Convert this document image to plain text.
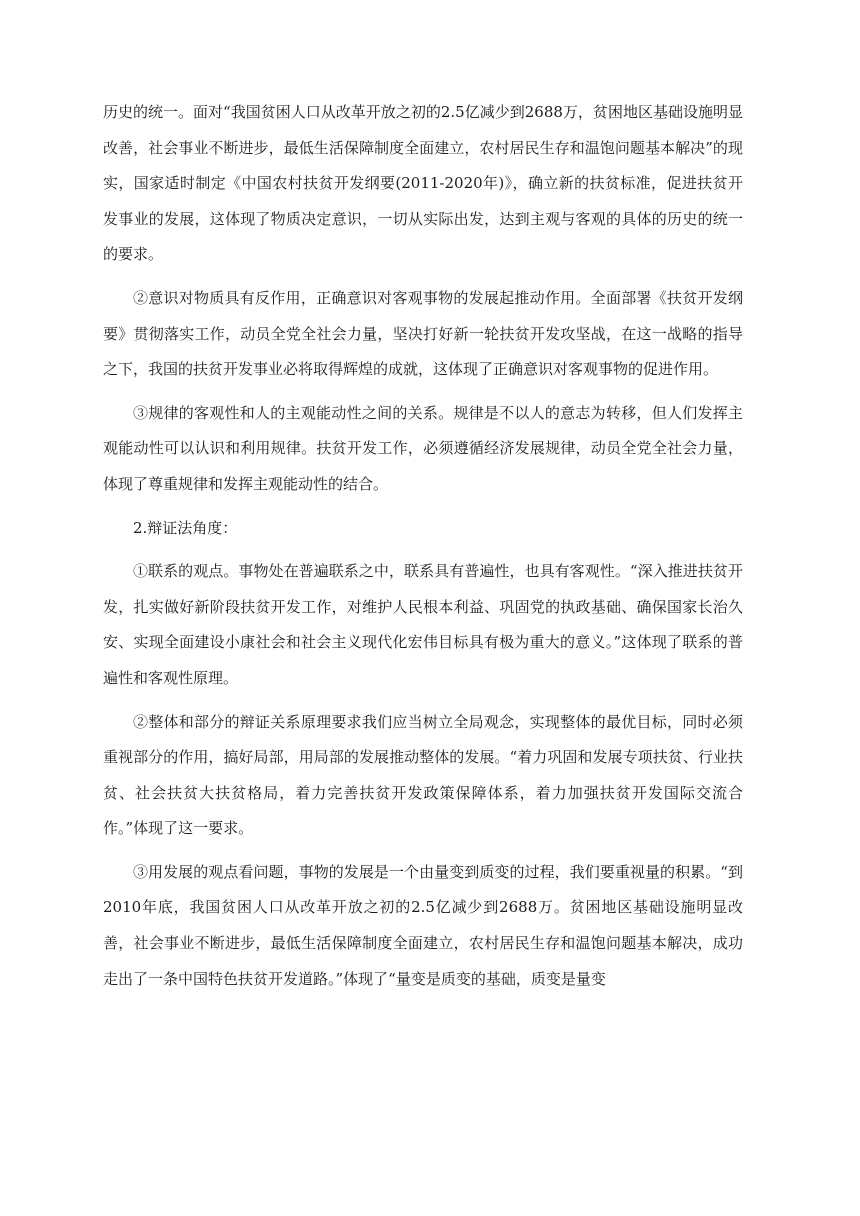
历史的统一。面对“我国贫困人口从改革开放之初的2.5亿减少到2688万，贫困地区基础设施明显改善，社会事业不断进步，最低生活保障制度全面建立，农村居民生存和温饱问题基本解决”的现实，国家适时制定《中国农村扶贫开发纲要(2011-2020年)》，确立新的扶贫标准，促进扶贫开发事业的发展，这体现了物质决定意识，一切从实际出发，达到主观与客观的具体的历史的统一的要求。

②意识对物质具有反作用，正确意识对客观事物的发展起推动作用。全面部署《扶贫开发纲要》贯彻落实工作，动员全党全社会力量，坚决打好新一轮扶贫开发攻坚战，在这一战略的指导之下，我国的扶贫开发事业必将取得辉煌的成就，这体现了正确意识对客观事物的促进作用。

③规律的客观性和人的主观能动性之间的关系。规律是不以人的意志为转移，但人们发挥主观能动性可以认识和利用规律。扶贫开发工作，必须遵循经济发展规律，动员全党全社会力量，体现了尊重规律和发挥主观能动性的结合。

2.辩证法角度：

①联系的观点。事物处在普遍联系之中，联系具有普遍性，也具有客观性。“深入推进扶贫开发，扎实做好新阶段扶贫开发工作，对维护人民根本利益、巩固党的执政基础、确保国家长治久安、实现全面建设小康社会和社会主义现代化宏伟目标具有极为重大的意义。”这体现了联系的普遍性和客观性原理。

②整体和部分的辩证关系原理要求我们应当树立全局观念，实现整体的最优目标，同时必须重视部分的作用，搞好局部，用局部的发展推动整体的发展。“着力巩固和发展专项扶贫、行业扶贫、社会扶贫大扶贫格局，着力完善扶贫开发政策保障体系，着力加强扶贫开发国际交流合作。”体现了这一要求。

③用发展的观点看问题，事物的发展是一个由量变到质变的过程，我们要重视量的积累。“到2010年底，我国贫困人口从改革开放之初的2.5亿减少到2688万。贫困地区基础设施明显改善，社会事业不断进步，最低生活保障制度全面建立，农村居民生存和温饱问题基本解决，成功走出了一条中国特色扶贫开发道路。”体现了“量变是质变的基础，质变是量变
